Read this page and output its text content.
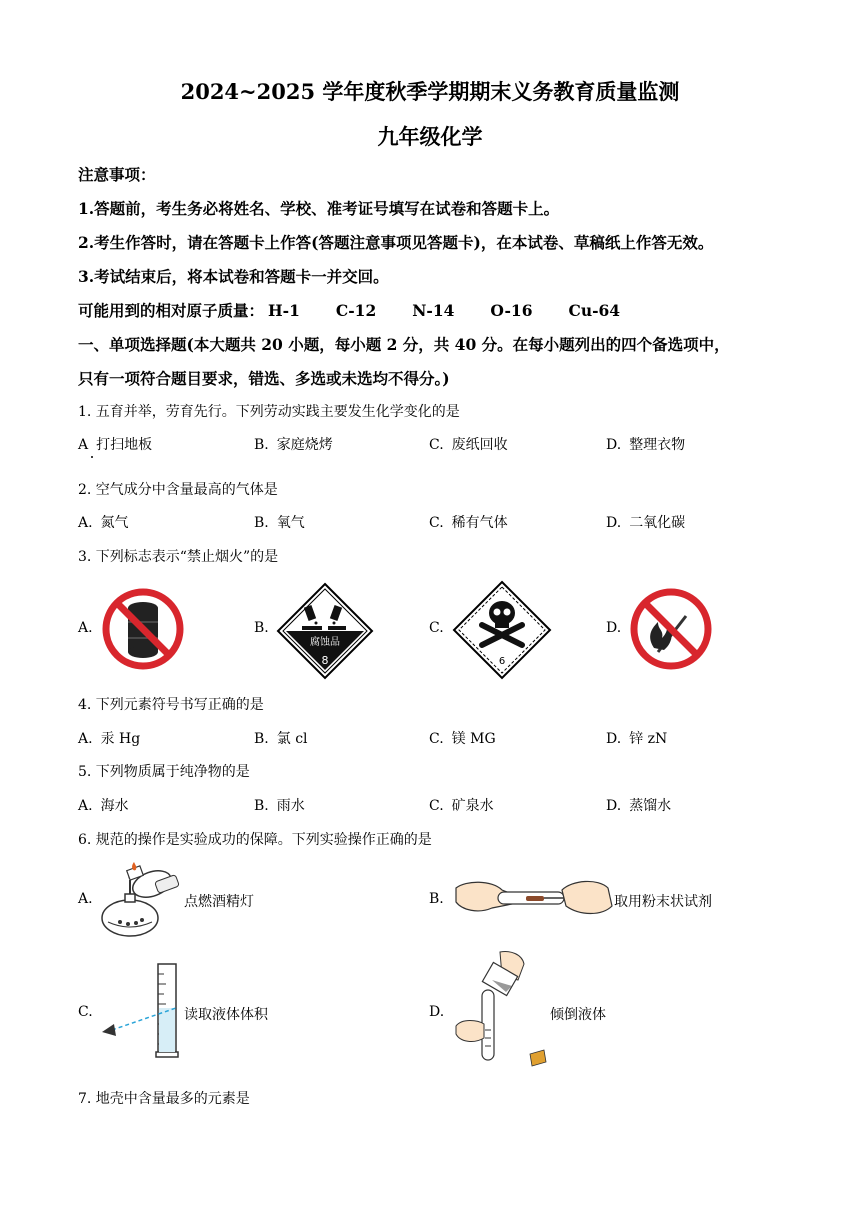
2024~2025 学年度秋季学期期末义务教育质量监测
九年级化学
注意事项：
1.答题前，考生务必将姓名、学校、准考证号填写在试卷和答题卡上。
2.考生作答时，请在答题卡上作答(答题注意事项见答题卡)，在本试卷、草稿纸上作答无效。
3.考试结束后，将本试卷和答题卡一并交回。
可能用到的相对原子质量： H-1 C-12 N-14 O-16 Cu-64
一、单项选择题(本大题共 20 小题，每小题 2 分，共 40 分。在每小题列出的四个备选项中，
只有一项符合题目要求，错选、多选或未选均不得分。)
1. 五育并举，劳育先行。下列劳动实践主要发生化学变化的是
A 打扫地板	B. 家庭烧烤	C. 废纸回收	D. 整理衣物
2. 空气成分中含量最高的气体是
A. 氮气	B. 氧气	C. 稀有气体	D. 二氧化碳
3. 下列标志表示“禁止烟火”的是
A.	B.
腐蚀品
8
C.
6
D.
4. 下列元素符号书写正确的是
A. 汞 Hg	B. 氯 cl	C. 镁 MG	D. 锌 zN
5. 下列物质属于纯净物的是
A. 海水	B. 雨水	C. 矿泉水	D. 蒸馏水
6. 规范的操作是实验成功的保障。下列实验操作正确的是
A.	点燃酒精灯	B.	取用粉末状试剂
C.	读取液体体积	D.	倾倒液体
7. 地壳中含量最多的元素是
